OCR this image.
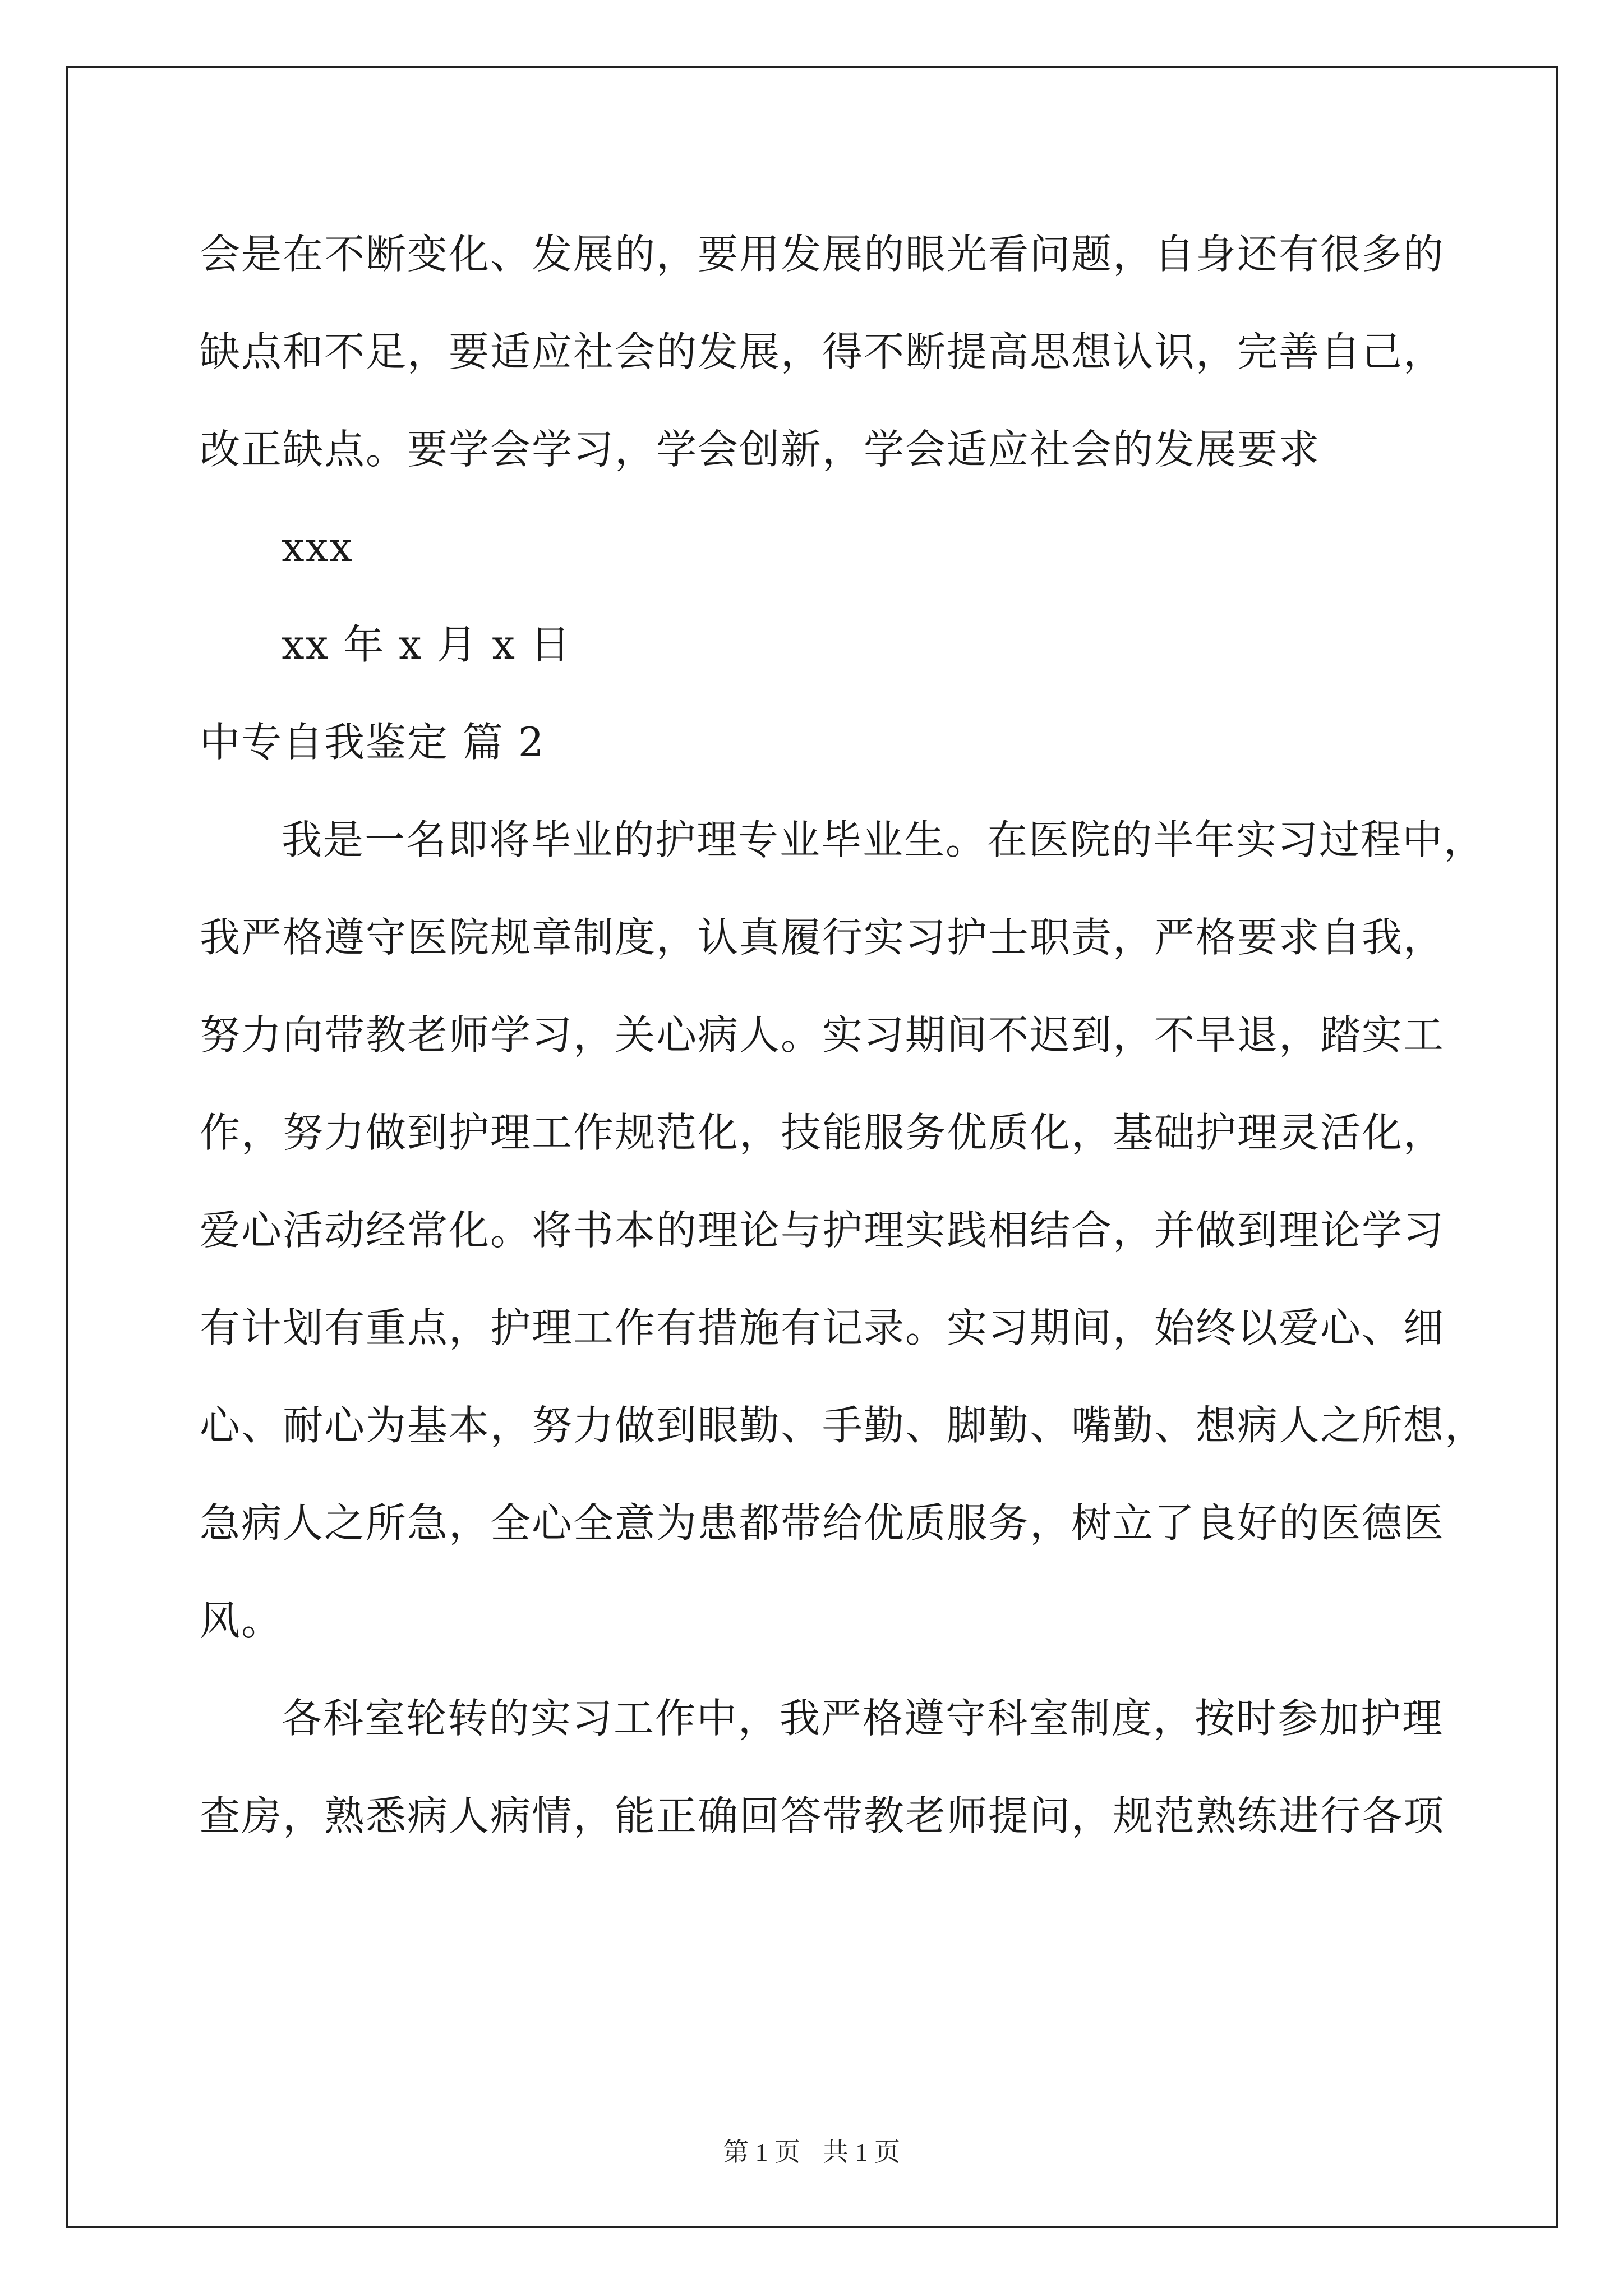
会是在不断变化、发展的，要用发展的眼光看问题，自身还有很多的
缺点和不足，要适应社会的发展，得不断提高思想认识，完善自己，
改正缺点。要学会学习，学会创新，学会适应社会的发展要求
xxx
xx 年 x 月 x 日
中专自我鉴定 篇 2
我是一名即将毕业的护理专业毕业生。在医院的半年实习过程中，
我严格遵守医院规章制度，认真履行实习护士职责，严格要求自我，
努力向带教老师学习，关心病人。实习期间不迟到，不早退，踏实工
作，努力做到护理工作规范化，技能服务优质化，基础护理灵活化，
爱心活动经常化。将书本的理论与护理实践相结合，并做到理论学习
有计划有重点，护理工作有措施有记录。实习期间，始终以爱心、细
心、耐心为基本，努力做到眼勤、手勤、脚勤、嘴勤、想病人之所想，
急病人之所急，全心全意为患都带给优质服务，树立了良好的医德医
风。
各科室轮转的实习工作中，我严格遵守科室制度，按时参加护理
查房，熟悉病人病情，能正确回答带教老师提问，规范熟练进行各项
第 1 页 共 1 页
